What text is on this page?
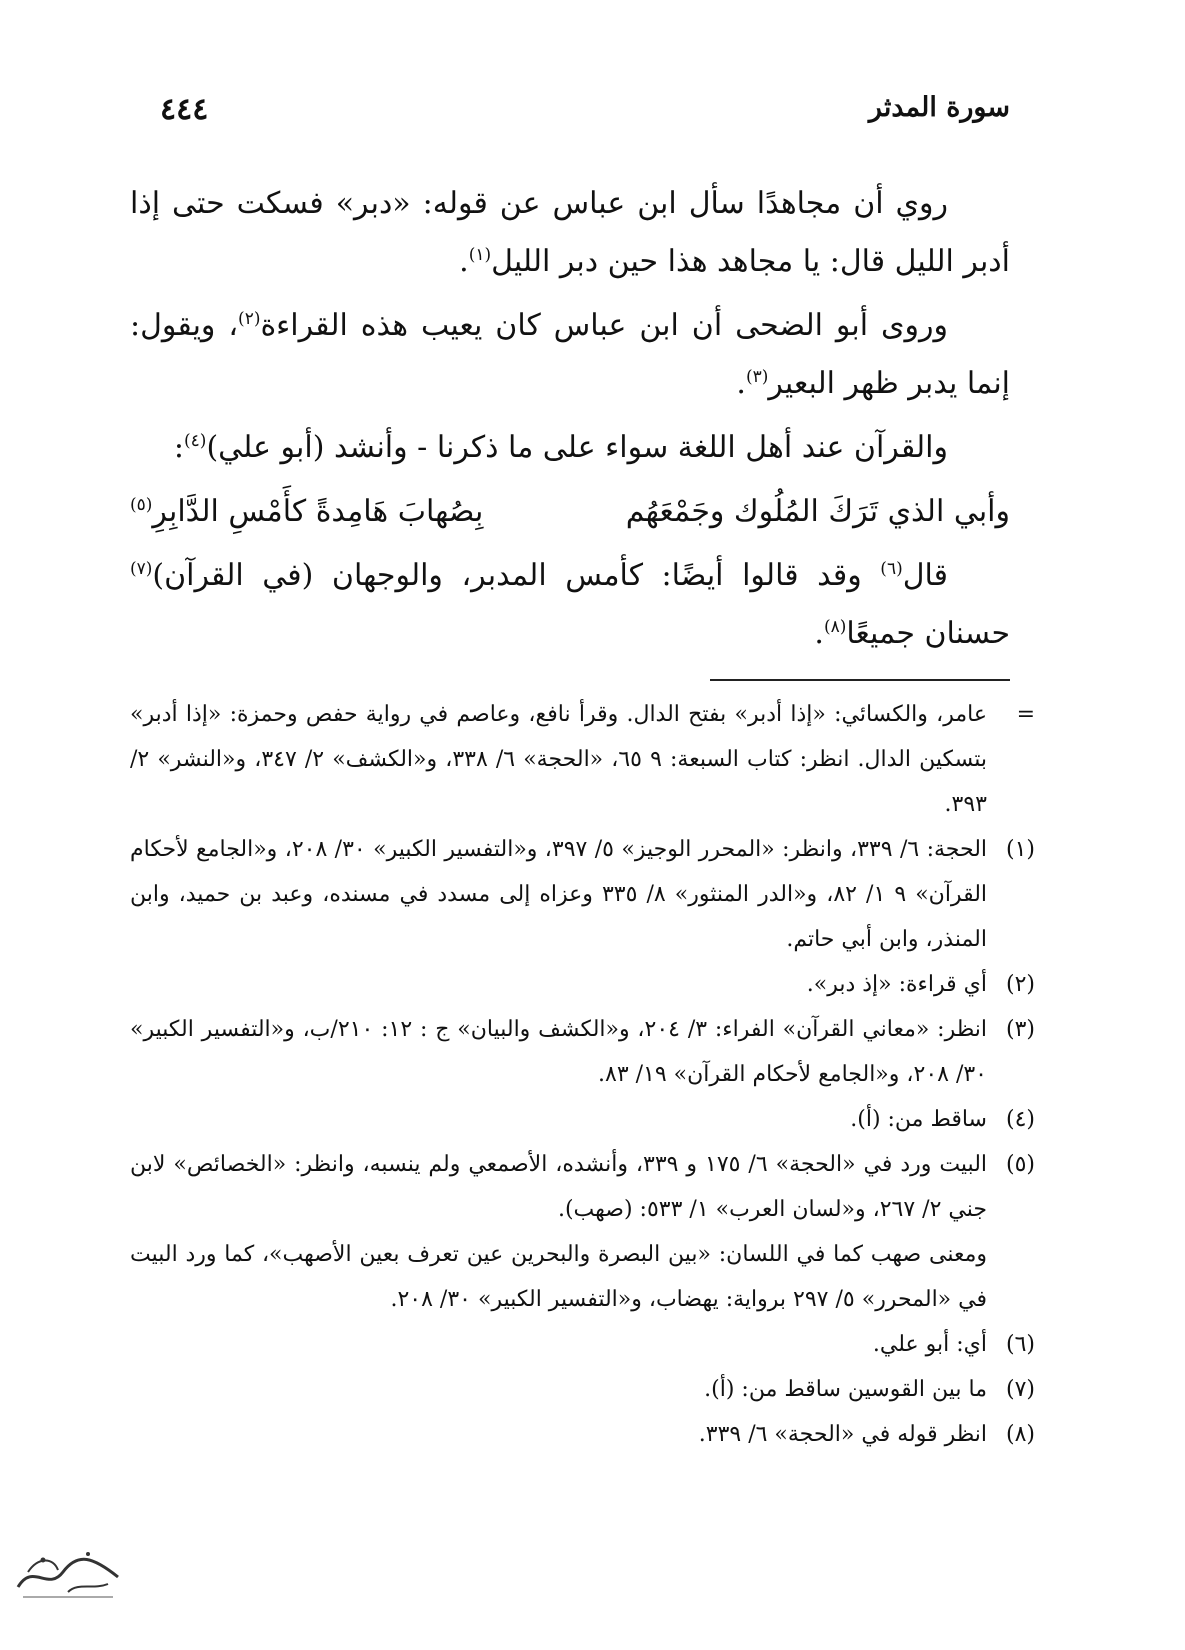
سورة المدثر
٤٤٤

روي أن مجاهدًا سأل ابن عباس عن قوله: «دبر» فسكت حتى إذا أدبر الليل قال: يا مجاهد هذا حين دبر الليل$^{(١)}$.

وروى أبو الضحى أن ابن عباس كان يعيب هذه القراءة$^{(٢)}$، ويقول: إنما يدبر ظهر البعير$^{(٣)}$.

والقرآن عند أهل اللغة سواء على ما ذكرنا - وأنشد (أبو علي)$^{(٤)}$:

وأبي الذي تَرَكَ المُلُوك وجَمْعَهُم
بِصُهابَ هَامِدةً كأَمْسِ الدَّابِرِ$^{(٥)}$

قال$^{(٦)}$ وقد قالوا أيضًا: كأمس المدبر، والوجهان (في القرآن)$^{(٧)}$ حسنان جميعًا$^{(٨)}$.

=
عامر، والكسائي: «إذا أدبر» بفتح الدال. وقرأ نافع، وعاصم في رواية حفص وحمزة: «إذا أدبر» بتسكين الدال. انظر: كتاب السبعة: ٩ ٦٥، «الحجة» ٦/ ٣٣٨، و«الكشف» ٢/ ٣٤٧، و«النشر» ٢/ ٣٩٣.
(١)
الحجة: ٦/ ٣٣٩، وانظر: «المحرر الوجيز» ٥/ ٣٩٧، و«التفسير الكبير» ٣٠/ ٢٠٨، و«الجامع لأحكام القرآن» ٩ ١/ ٨٢، و«الدر المنثور» ٨/ ٣٣٥ وعزاه إلى مسدد في مسنده، وعبد بن حميد، وابن المنذر، وابن أبي حاتم.
(٢)
أي قراءة: «إذ دبر».
(٣)
انظر: «معاني القرآن» الفراء: ٣/ ٢٠٤، و«الكشف والبيان» ج : ١٢: ٢١٠/ب، و«التفسير الكبير» ٣٠/ ٢٠٨، و«الجامع لأحكام القرآن» ١٩/ ٨٣.
(٤)
ساقط من: (أ).
(٥)
البيت ورد في «الحجة» ٦/ ١٧٥ و ٣٣٩، وأنشده، الأصمعي ولم ينسبه، وانظر: «الخصائص» لابن جني ٢/ ٢٦٧، و«لسان العرب» ١/ ٥٣٣: (صهب).
ومعنى صهب كما في اللسان: «بين البصرة والبحرين عين تعرف بعين الأصهب»، كما ورد البيت في «المحرر» ٥/ ٢٩٧ برواية: يهضاب، و«التفسير الكبير» ٣٠/ ٢٠٨.
(٦)
أي: أبو علي.
(٧)
ما بين القوسين ساقط من: (أ).
(٨)
انظر قوله في «الحجة» ٦/ ٣٣٩.
